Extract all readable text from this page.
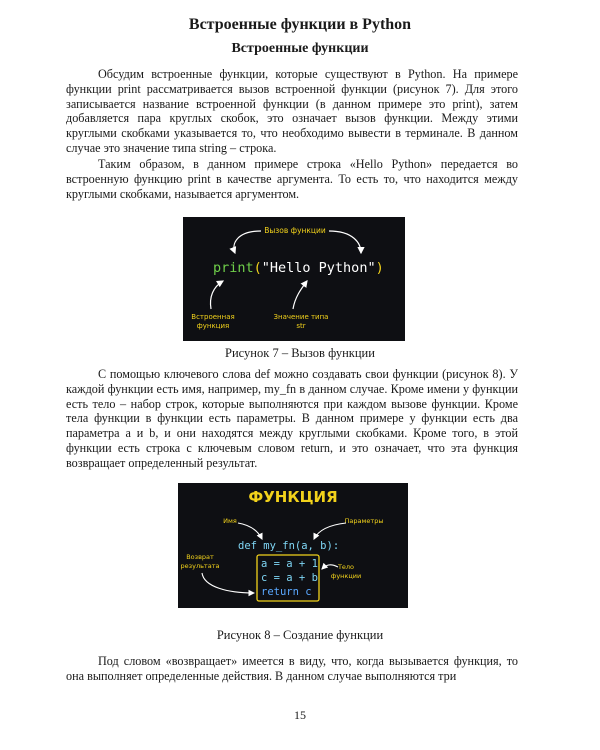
Встроенные функции в Python
Встроенные функции
Обсудим встроенные функции, которые существуют в Python. На примере функции print рассматривается вызов встроенной функции (рисунок 7). Для этого записывается название встроенной функции (в данном примере это print), затем добавляется пара круглых скобок, это означает вызов функции. Между этими круглыми скобками указывается то, что необходимо вывести в терминале. В данном случае это значение типа string – строка.
Таким образом, в данном примере строка «Hello Python» передается во встроенную функцию print в качестве аргумента. То есть то, что находится между круглыми скобками, называется аргументом.
Вызов функции
print("Hello Python")
Встроенная
функция
Значение типа
str
Рисунок 7 – Вызов функции
С помощью ключевого слова def можно создавать свои функции (рисунок 8). У каждой функции есть имя, например, my_fn в данном случае. Кроме имени у функции есть тело – набор строк, которые выполняются при каждом вызове функции. Кроме тела функции в функции есть параметры. В данном примере у функции есть два параметра a и b, и они находятся между круглыми скобками. Кроме того, в этой функции есть строка с ключевым словом return, и это означает, что эта функция возвращает определенный результат.
ФУНКЦИЯ
Имя	Параметры
def my_fn(a, b):
a = a + 1
c = a + b
return c
Возврат
результата	Тело
функции
Рисунок 8 – Создание функции
Под словом «возвращает» имеется в виду, что, когда вызывается функция, то она выполняет определенные действия. В данном случае выполняются три
15
